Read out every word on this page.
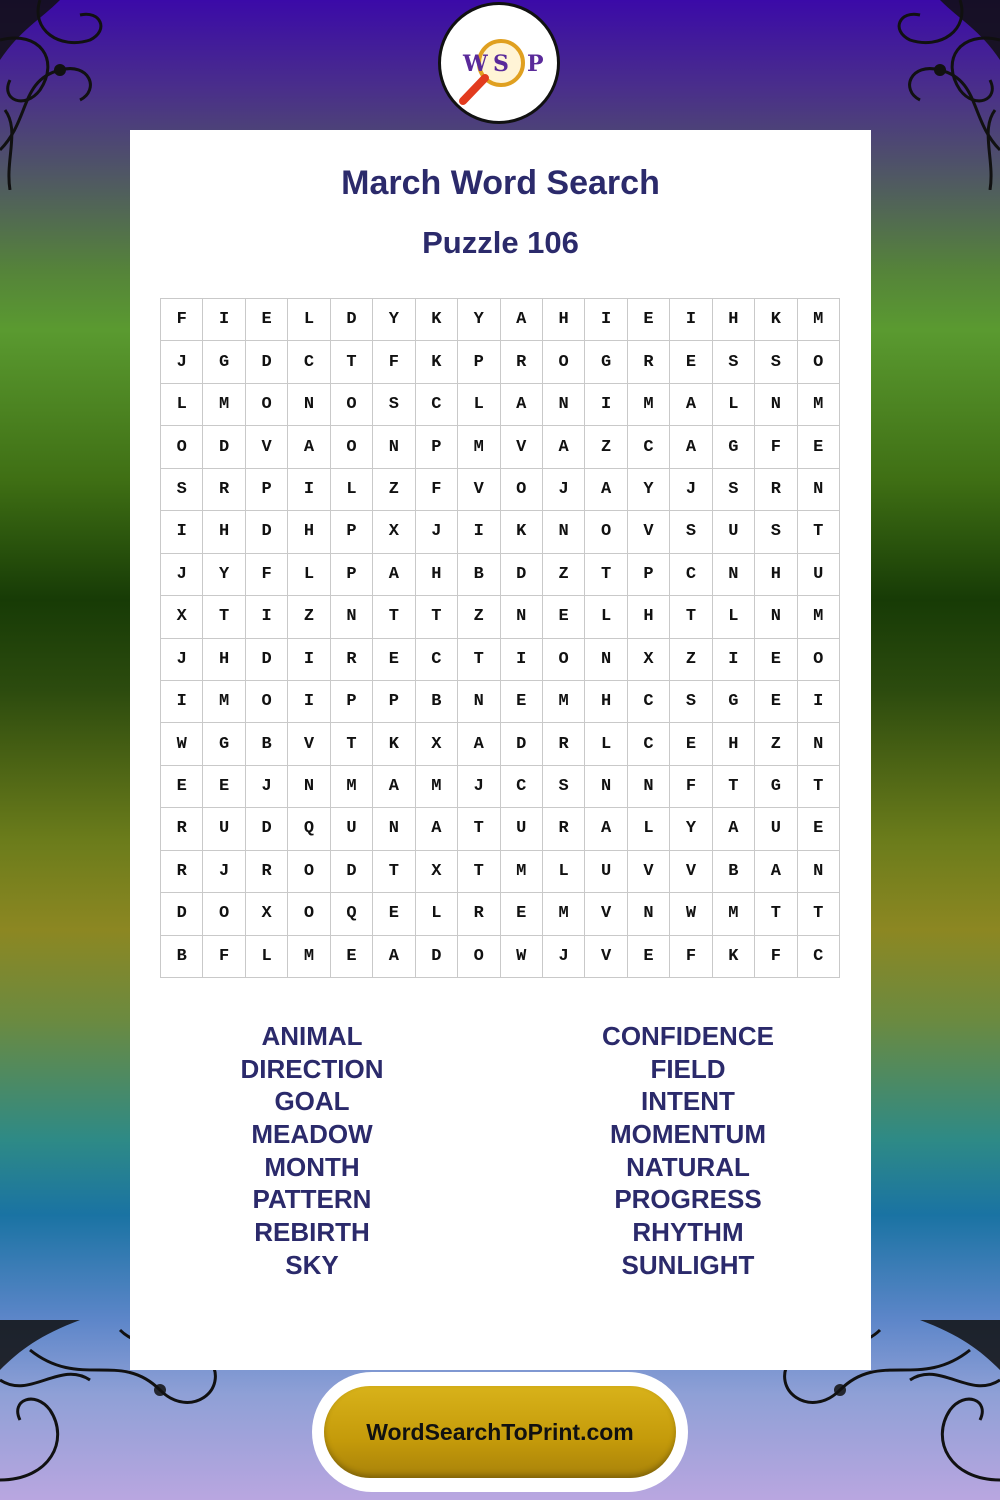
W S P
March Word Search
Puzzle 106
F	I	E	L	D	Y	K	Y	A	H	I	E	I	H	K	M
J	G	D	C	T	F	K	P	R	O	G	R	E	S	S	O
L	M	O	N	O	S	C	L	A	N	I	M	A	L	N	M
O	D	V	A	O	N	P	M	V	A	Z	C	A	G	F	E
S	R	P	I	L	Z	F	V	O	J	A	Y	J	S	R	N
I	H	D	H	P	X	J	I	K	N	O	V	S	U	S	T
J	Y	F	L	P	A	H	B	D	Z	T	P	C	N	H	U
X	T	I	Z	N	T	T	Z	N	E	L	H	T	L	N	M
J	H	D	I	R	E	C	T	I	O	N	X	Z	I	E	O
I	M	O	I	P	P	B	N	E	M	H	C	S	G	E	I
W	G	B	V	T	K	X	A	D	R	L	C	E	H	Z	N
E	E	J	N	M	A	M	J	C	S	N	N	F	T	G	T
R	U	D	Q	U	N	A	T	U	R	A	L	Y	A	U	E
R	J	R	O	D	T	X	T	M	L	U	V	V	B	A	N
D	O	X	O	Q	E	L	R	E	M	V	N	W	M	T	T
B	F	L	M	E	A	D	O	W	J	V	E	F	K	F	C
ANIMAL
DIRECTION
GOAL
MEADOW
MONTH
PATTERN
REBIRTH
SKY
CONFIDENCE
FIELD
INTENT
MOMENTUM
NATURAL
PROGRESS
RHYTHM
SUNLIGHT
WordSearchToPrint.com
